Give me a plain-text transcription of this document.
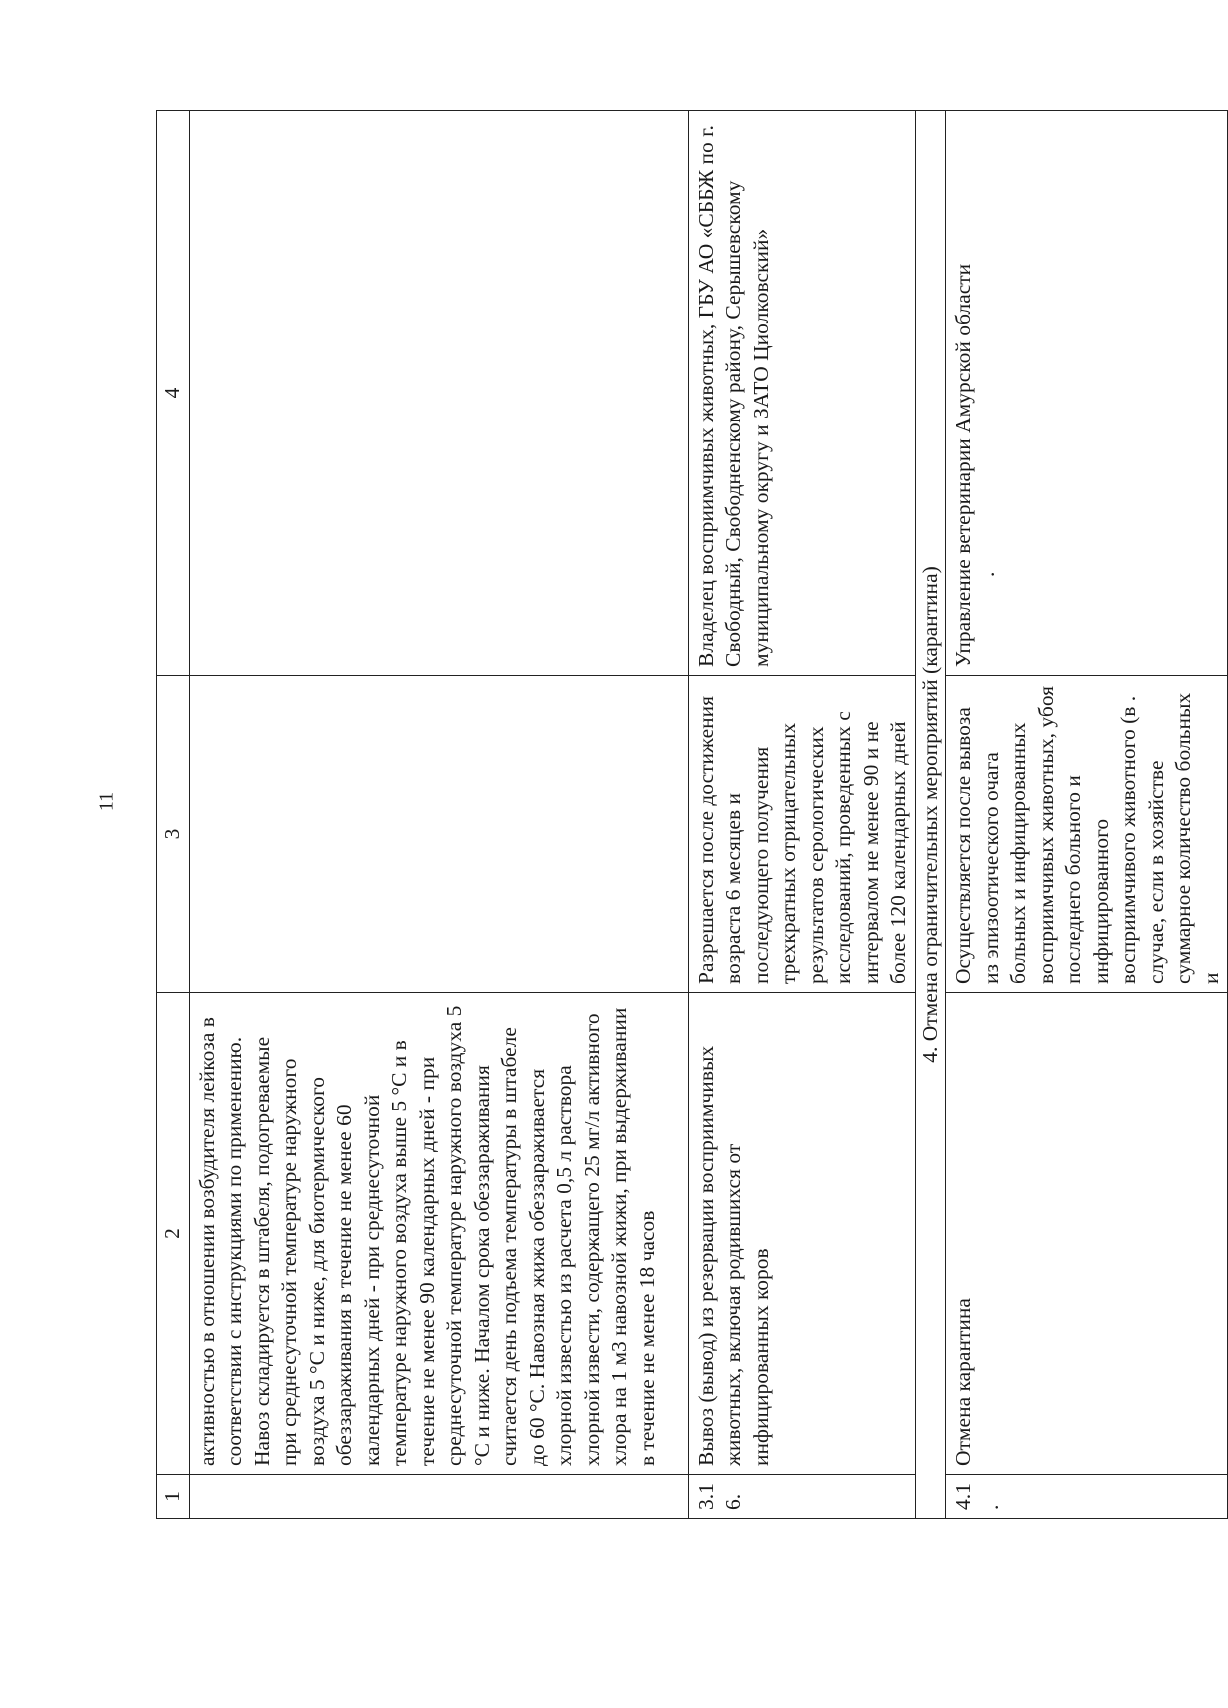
11
1	2	3	4
	активностью в отношении возбудителя лейкоза в соответствии с инструкциями по применению. Навоз складируется в штабеля, подогреваемые при среднесуточной температуре наружного воздуха 5 °C и ниже, для биотермического обеззараживания в течение не менее 60 календарных дней - при среднесуточной температуре наружного воздуха выше 5 °C и в течение не менее 90 календарных дней - при среднесуточной температуре наружного воздуха 5 °C и ниже. Началом срока обеззараживания считается день подъема температуры в штабеле до 60 °C. Навозная жижа обеззараживается хлорной известью из расчета 0,5 л раствора хлорной извести, содержащего 25 мг/л активного хлора на 1 м3 навозной жижи, при выдерживании в течение не менее 18 часов		
3.16.	Вывоз (вывод) из резервации восприимчивых животных, включая родившихся от инфицированных коров	Разрешается после достижения возраста 6 месяцев и последующего получения трехкратных отрицательных результатов серологических исследований, проведенных с интервалом не менее 90 и не более 120 календарных дней	Владелец восприимчивых животных, ГБУ АО «СББЖ по г. Свободный, Свободненскому району, Серышевскому муниципальному округу и ЗАТО Циолковский»
4. Отмена ограничительных мероприятий (карантина)			
4.1.	Отмена карантина	Осуществляется после вывоза из эпизоотического очага больных и инфицированных восприимчивых животных, убоя последнего больного и инфицированного восприимчивого животного (в . случае, если в хозяйстве суммарное количество больных и	Управление ветеринарии Амурской области .
